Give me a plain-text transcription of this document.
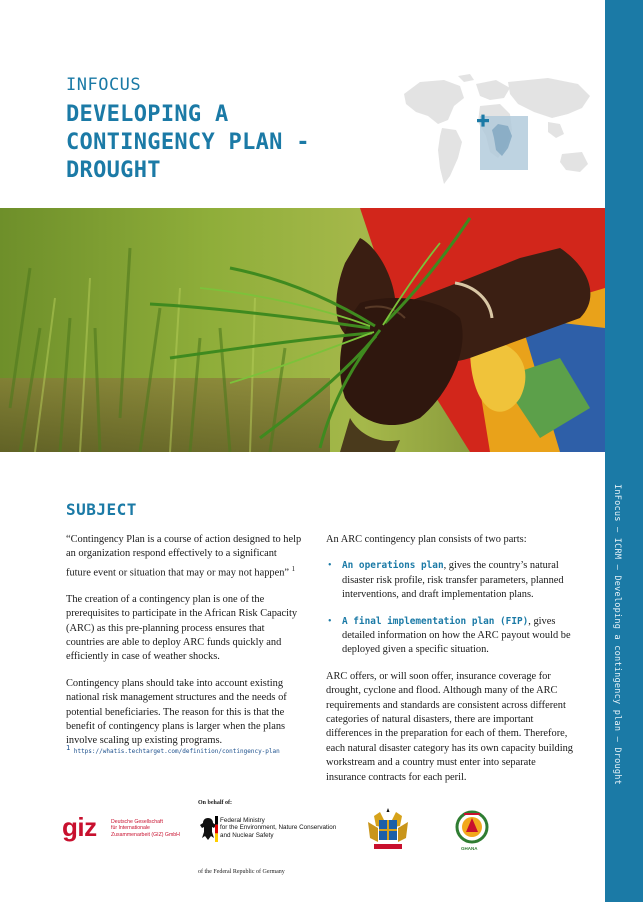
InFocus – ICRM – Developing a contingency plan – Drought
INFOCUS
DEVELOPING A CONTINGENCY PLAN - DROUGHT
SUBJECT

“Contingency Plan is a course of action designed to help an organization respond effectively to a significant future event or situation that may or may not happen” $^1$

The creation of a contingency plan is one of the prerequisites to participate in the African Risk Capacity (ARC) as this pre-planning process ensures that countries are able to deploy ARC funds quickly and efficiently in case of weather shocks.

Contingency plans should take into account existing national risk management structures and the needs of potential beneficiaries. The reason for this is that the benefit of contingency plans is larger when the plans involve scaling up existing programs.

$^1$ https://whatis.techtarget.com/definition/contingency-plan

An ARC contingency plan consists of two parts:

• An operations plan, gives the country’s natural disaster risk profile, risk transfer parameters, planned interventions, and draft implementation plans.
• A final implementation plan (FIP), gives detailed information on how the ARC payout would be deployed given a specific situation.

ARC offers, or will soon offer, insurance coverage for drought, cyclone and flood. Although many of the ARC requirements and standards are consistent across different categories of natural disasters, there are important differences in the preparation for each of them. Therefore, each natural disaster category has its own capacity building workstream and a country must enter into separate insurance contracts for each peril.

giz	Deutsche Gesellschaft
für Internationale
Zusammenarbeit (GIZ) GmbH
On behalf of:
Federal Ministry
for the Environment, Nature Conservation
and Nuclear Safety
of the Federal Republic of Germany
GHANA
